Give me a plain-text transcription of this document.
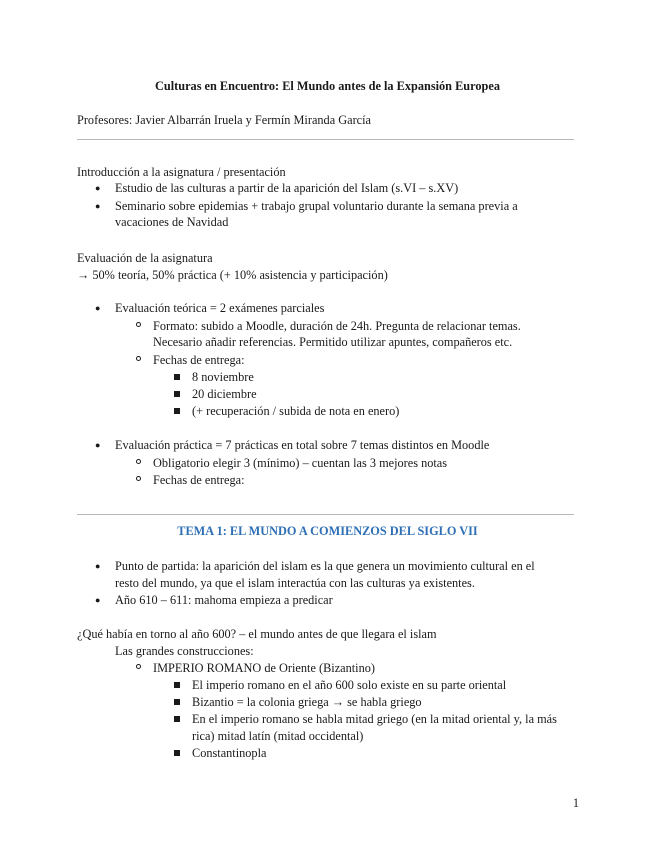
Culturas en Encuentro: El Mundo antes de la Expansión Europea
Profesores: Javier Albarrán Iruela y Fermín Miranda García
Introducción a la asignatura / presentación
● Estudio de las culturas a partir de la aparición del Islam (s.VI – s.XV)
● Seminario sobre epidemias + trabajo grupal voluntario durante la semana previa a
vacaciones de Navidad
Evaluación de la asignatura
→ 50% teoría, 50% práctica (+ 10% asistencia y participación)
● Evaluación teórica = 2 exámenes parciales
Formato: subido a Moodle, duración de 24h. Pregunta de relacionar temas.
Necesario añadir referencias. Permitido utilizar apuntes, compañeros etc.
Fechas de entrega:
8 noviembre
20 diciembre
(+ recuperación / subida de nota en enero)
● Evaluación práctica = 7 prácticas en total sobre 7 temas distintos en Moodle
Obligatorio elegir 3 (mínimo) – cuentan las 3 mejores notas
Fechas de entrega:
TEMA 1: EL MUNDO A COMIENZOS DEL SIGLO VII
● Punto de partida: la aparición del islam es la que genera un movimiento cultural en el
resto del mundo, ya que el islam interactúa con las culturas ya existentes.
● Año 610 – 611: mahoma empieza a predicar
¿Qué había en torno al año 600? – el mundo antes de que llegara el islam
Las grandes construcciones:
IMPERIO ROMANO de Oriente (Bizantino)
El imperio romano en el año 600 solo existe en su parte oriental
Bizantio = la colonia griega → se habla griego
En el imperio romano se habla mitad griego (en la mitad oriental y, la más
rica) mitad latín (mitad occidental)
Constantinopla
1
